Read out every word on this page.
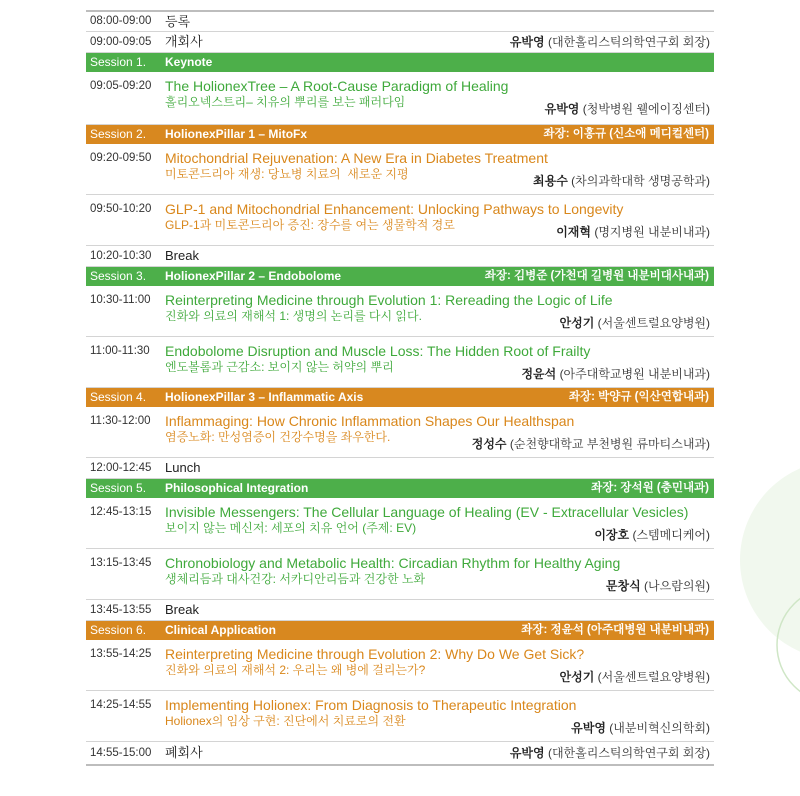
08:00-09:00 등록
09:00-09:05 개회사	유박영 (대한홀리스틱의학연구회 회장)
Session 1. Keynote
09:05-09:20 The HolionexTree – A Root-Cause Paradigm of Healing
홀리오넥스트리– 치유의 뿌리를 보는 패러다임	유박영 (청박병원 웰에이징센터)
Session 2. HolionexPillar 1 – MitoFx	좌장: 이홍규 (신소애 메디컬센터)
09:20-09:50 Mitochondrial Rejuvenation: A New Era in Diabetes Treatment
미토콘드리아 재생: 당뇨병 치료의  새로운 지평	최용수 (차의과학대학 생명공학과)
09:50-10:20 GLP-1 and Mitochondrial Enhancement: Unlocking Pathways to Longevity
GLP-1과 미토콘드리아 증진: 장수를 여는 생물학적 경로	이재혁 (명지병원 내분비내과)
10:20-10:30 Break
Session 3. HolionexPillar 2 – Endobolome	좌장: 김병준 (가천대 길병원 내분비대사내과)
10:30-11:00 Reinterpreting Medicine through Evolution 1: Rereading the Logic of Life
진화와 의료의 재해석 1: 생명의 논리를 다시 읽다.	안성기 (서울센트럴요양병원)
11:00-11:30 Endobolome Disruption and Muscle Loss: The Hidden Root of Frailty
엔도볼롬과 근감소: 보이지 않는 허약의 뿌리	정윤석 (아주대학교병원 내분비내과)
Session 4. HolionexPillar 3 – Inflammatic Axis	좌장: 박양규 (익산연합내과)
11:30-12:00 Inflammaging: How Chronic Inflammation Shapes Our Healthspan
염증노화: 만성염증이 건강수명을 좌우한다.	정성수 (순천향대학교 부천병원 류마티스내과)
12:00-12:45 Lunch
Session 5. Philosophical Integration	좌장: 장석원 (충민내과)
12:45-13:15 Invisible Messengers: The Cellular Language of Healing (EV - Extracellular Vesicles)
보이지 않는 메신저: 세포의 치유 언어 (주제: EV)	이장호 (스템메디케어)
13:15-13:45 Chronobiology and Metabolic Health: Circadian Rhythm for Healthy Aging
생체리듬과 대사건강: 서카디안리듬과 건강한 노화	문창식 (나으람의원)
13:45-13:55 Break
Session 6. Clinical Application	좌장: 정윤석 (아주대병원 내분비내과)
13:55-14:25 Reinterpreting Medicine through Evolution 2: Why Do We Get Sick?
진화와 의료의 재해석 2: 우리는 왜 병에 걸리는가?	안성기 (서울센트럴요양병원)
14:25-14:55 Implementing Holionex: From Diagnosis to Therapeutic Integration
Holionex의 임상 구현: 진단에서 치료로의 전환	유박영 (내분비혁신의학회)
14:55-15:00 폐회사	유박영 (대한홀리스틱의학연구회 회장)
